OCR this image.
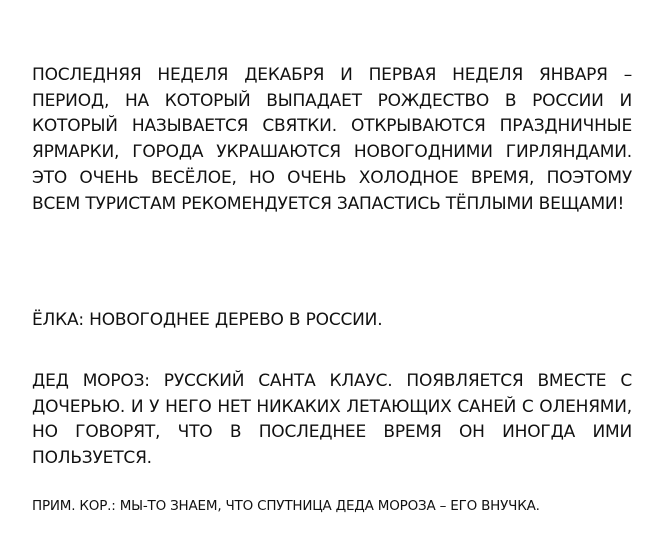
ПОСЛЕДНЯЯ НЕДЕЛЯ ДЕКАБРЯ И ПЕРВАЯ НЕДЕЛЯ ЯНВАРЯ – ПЕРИОД, НА КОТОРЫЙ ВЫПАДАЕТ РОЖДЕСТВО В РОССИИ И КОТОРЫЙ НАЗЫВАЕТСЯ СВЯТКИ. ОТКРЫВАЮТСЯ ПРАЗДНИЧНЫЕ ЯРМАРКИ, ГОРОДА УКРАШАЮТСЯ НОВОГОДНИМИ ГИРЛЯНДАМИ. ЭТО ОЧЕНЬ ВЕСЁЛОЕ, НО ОЧЕНЬ ХОЛОДНОЕ ВРЕМЯ, ПОЭТОМУ ВСЕМ ТУРИСТАМ РЕКОМЕНДУЕТСЯ ЗАПАСТИСЬ ТЁПЛЫМИ ВЕЩАМИ!

ЁЛКА: НОВОГОДНЕЕ ДЕРЕВО В РОССИИ.

ДЕД МОРОЗ: РУССКИЙ САНТА КЛАУС. ПОЯВЛЯЕТСЯ ВМЕСТЕ С ДОЧЕРЬЮ. И У НЕГО НЕТ НИКАКИХ ЛЕТАЮЩИХ САНЕЙ С ОЛЕНЯМИ, НО ГОВОРЯТ, ЧТО В ПОСЛЕДНЕЕ ВРЕМЯ ОН ИНОГДА ИМИ ПОЛЬЗУЕТСЯ.

ПРИМ. КОР.: МЫ-ТО ЗНАЕМ, ЧТО СПУТНИЦА ДЕДА МОРОЗА – ЕГО ВНУЧКА.
